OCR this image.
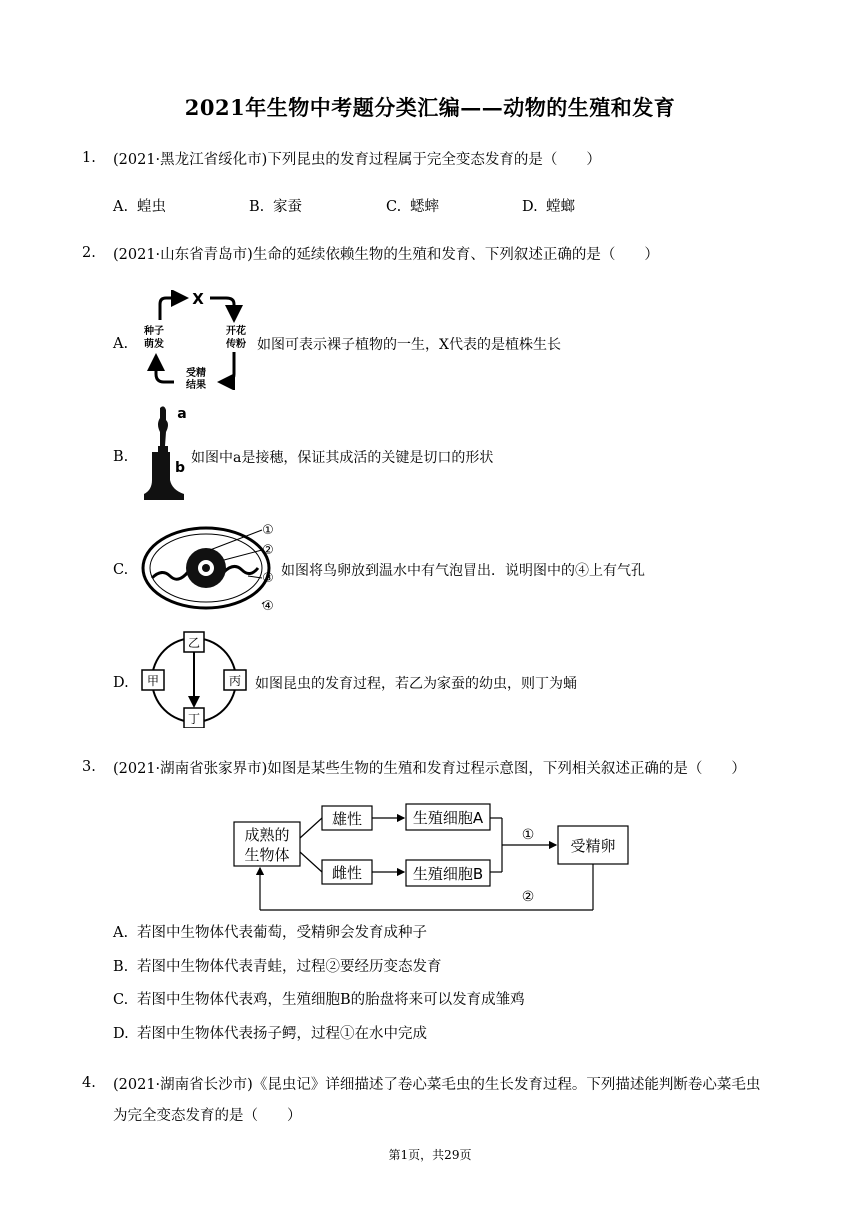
2021年生物中考题分类汇编——动物的生殖和发育
1. (2021·黑龙江省绥化市)下列昆虫的发育过程属于完全变态发育的是（　　）
A. 蝗虫	B. 家蚕	C. 蟋蟀	D. 螳螂
2. (2021·山东省青岛市)生命的延续依赖生物的生殖和发育、下列叙述正确的是（　　）
A.
X
种子
萌发
开花
传粉
受精
结果
如图可表示裸子植物的一生，X代表的是植株生长
B.
a
b
如图中a是接穗，保证其成活的关键是切口的形状
C.
①
②
③
④
如图将鸟卵放到温水中有气泡冒出．说明图中的④上有气孔
D.
乙
甲	丙
丁
如图昆虫的发育过程，若乙为家蚕的幼虫，则丁为蛹
3. (2021·湖南省张家界市)如图是某些生物的生殖和发育过程示意图，下列相关叙述正确的是（　　）
成熟的
生物体
雄性
雌性
生殖细胞A
生殖细胞B
①
受精卵
②
A. 若图中生物体代表葡萄，受精卵会发育成种子
B. 若图中生物体代表青蛙，过程②要经历变态发育
C. 若图中生物体代表鸡，生殖细胞B的胎盘将来可以发育成雏鸡
D. 若图中生物体代表扬子鳄，过程①在水中完成
4. (2021·湖南省长沙市)《昆虫记》详细描述了卷心菜毛虫的生长发育过程。下列描述能判断卷心菜毛虫
为完全变态发育的是（　　）
第1页，共29页
